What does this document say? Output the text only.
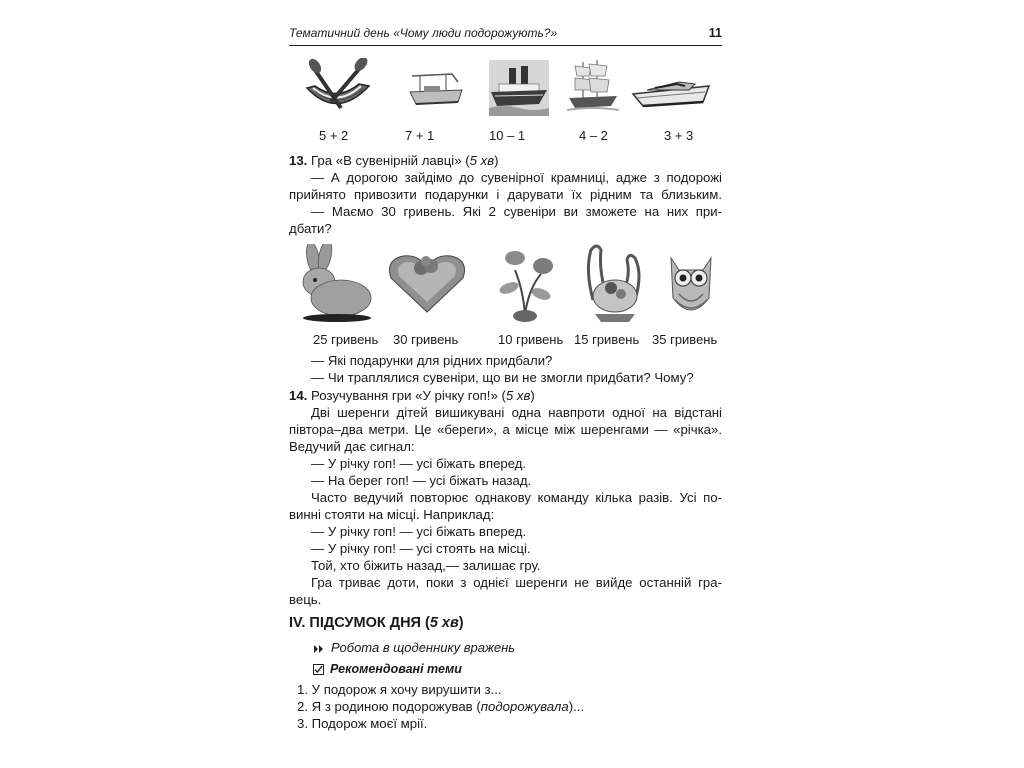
Тематичний день «Чому люди подорожують?»	11
5 + 2	7 + 1	10 – 1	4 – 2	3 + 3
13. Гра «В сувенірній лавці» (5 хв)
— А дорогою зайдімо до сувенірної крамниці, адже з подорожі
прийнято привозити подарунки і дарувати їх рідним та близьким.
— Маємо 30 гривень. Які 2 сувеніри ви зможете на них при-
дбати?
25 гривень 30 гривень	10 гривень 15 гривень 35 гривень
— Які подарунки для рідних придбали?
— Чи траплялися сувеніри, що ви не змогли придбати? Чому?
14. Розучування гри «У річку гоп!» (5 хв)
Дві шеренги дітей вишикувані одна навпроти одної на відстані
півтора–два метри. Це «береги», а місце між шеренгами — «річка».
Ведучий дає сигнал:
— У річку гоп! — усі біжать вперед.
— На берег гоп! — усі біжать назад.
Часто ведучий повторює однакову команду кілька разів. Усі по-
винні стояти на місці. Наприклад:
— У річку гоп! — усі біжать вперед.
— У річку гоп! — усі стоять на місці.
Той, хто біжить назад,— залишає гру.
Гра триває доти, поки з однієї шеренги не вийде останній гра-
вець.
IV. ПІДСУМОК ДНЯ (5 хв)
Робота в щоденнику вражень
Рекомендовані теми
1. У подорож я хочу вирушити з...
2. Я з родиною подорожував (подорожувала)...
3. Подорож моєї мрії.
